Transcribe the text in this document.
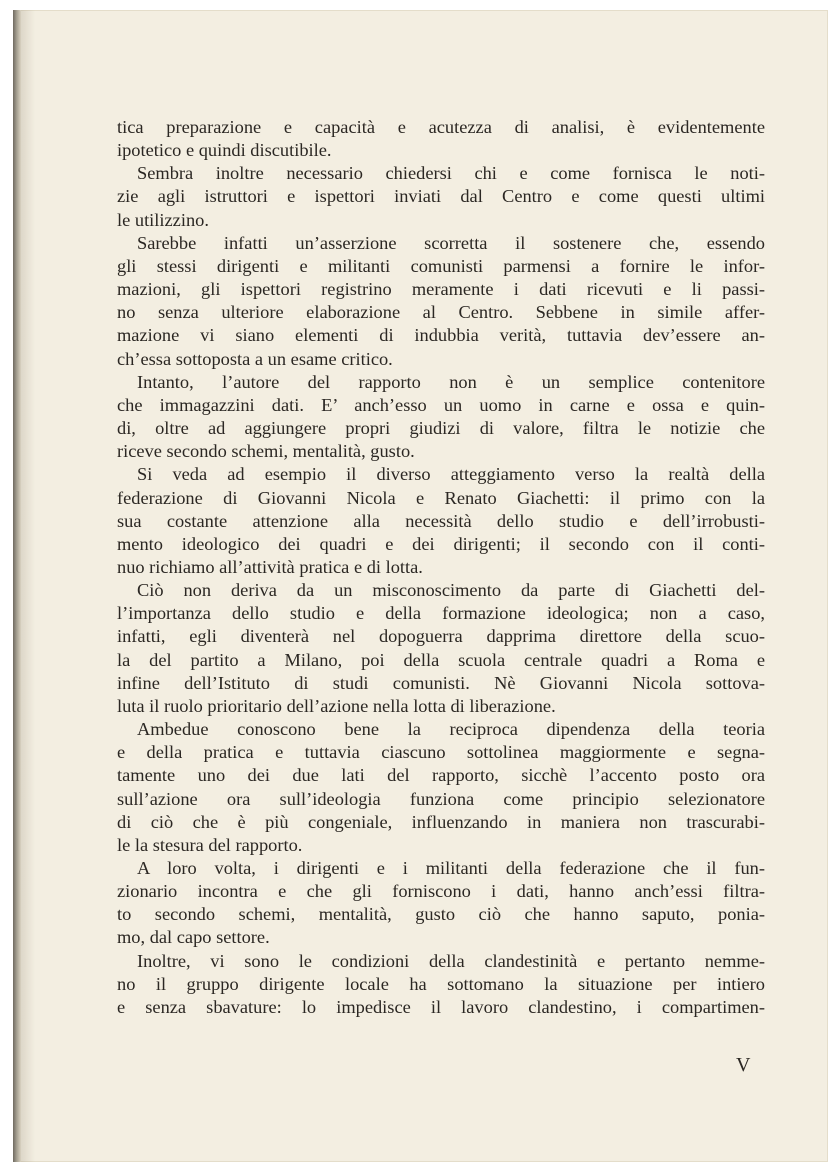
tica preparazione e capacità e acutezza di analisi, è evidentemente
ipotetico e quindi discutibile.
Sembra inoltre necessario chiedersi chi e come fornisca le noti-
zie agli istruttori e ispettori inviati dal Centro e come questi ultimi
le utilizzino.
Sarebbe infatti un’asserzione scorretta il sostenere che, essendo
gli stessi dirigenti e militanti comunisti parmensi a fornire le infor-
mazioni, gli ispettori registrino meramente i dati ricevuti e li passi-
no senza ulteriore elaborazione al Centro. Sebbene in simile affer-
mazione vi siano elementi di indubbia verità, tuttavia dev’essere an-
ch’essa sottoposta a un esame critico.
Intanto, l’autore del rapporto non è un semplice contenitore
che immagazzini dati. E’ anch’esso un uomo in carne e ossa e quin-
di, oltre ad aggiungere propri giudizi di valore, filtra le notizie che
riceve secondo schemi, mentalità, gusto.
Si veda ad esempio il diverso atteggiamento verso la realtà della
federazione di Giovanni Nicola e Renato Giachetti: il primo con la
sua costante attenzione alla necessità dello studio e dell’irrobusti-
mento ideologico dei quadri e dei dirigenti; il secondo con il conti-
nuo richiamo all’attività pratica e di lotta.
Ciò non deriva da un misconoscimento da parte di Giachetti del-
l’importanza dello studio e della formazione ideologica; non a caso,
infatti, egli diventerà nel dopoguerra dapprima direttore della scuo-
la del partito a Milano, poi della scuola centrale quadri a Roma e
infine dell’Istituto di studi comunisti. Nè Giovanni Nicola sottova-
luta il ruolo prioritario dell’azione nella lotta di liberazione.
Ambedue conoscono bene la reciproca dipendenza della teoria
e della pratica e tuttavia ciascuno sottolinea maggiormente e segna-
tamente uno dei due lati del rapporto, sicchè l’accento posto ora
sull’azione ora sull’ideologia funziona come principio selezionatore
di ciò che è più congeniale, influenzando in maniera non trascurabi-
le la stesura del rapporto.
A loro volta, i dirigenti e i militanti della federazione che il fun-
zionario incontra e che gli forniscono i dati, hanno anch’essi filtra-
to secondo schemi, mentalità, gusto ciò che hanno saputo, ponia-
mo, dal capo settore.
Inoltre, vi sono le condizioni della clandestinità e pertanto nemme-
no il gruppo dirigente locale ha sottomano la situazione per intiero
e senza sbavature: lo impedisce il lavoro clandestino, i compartimen-
V
